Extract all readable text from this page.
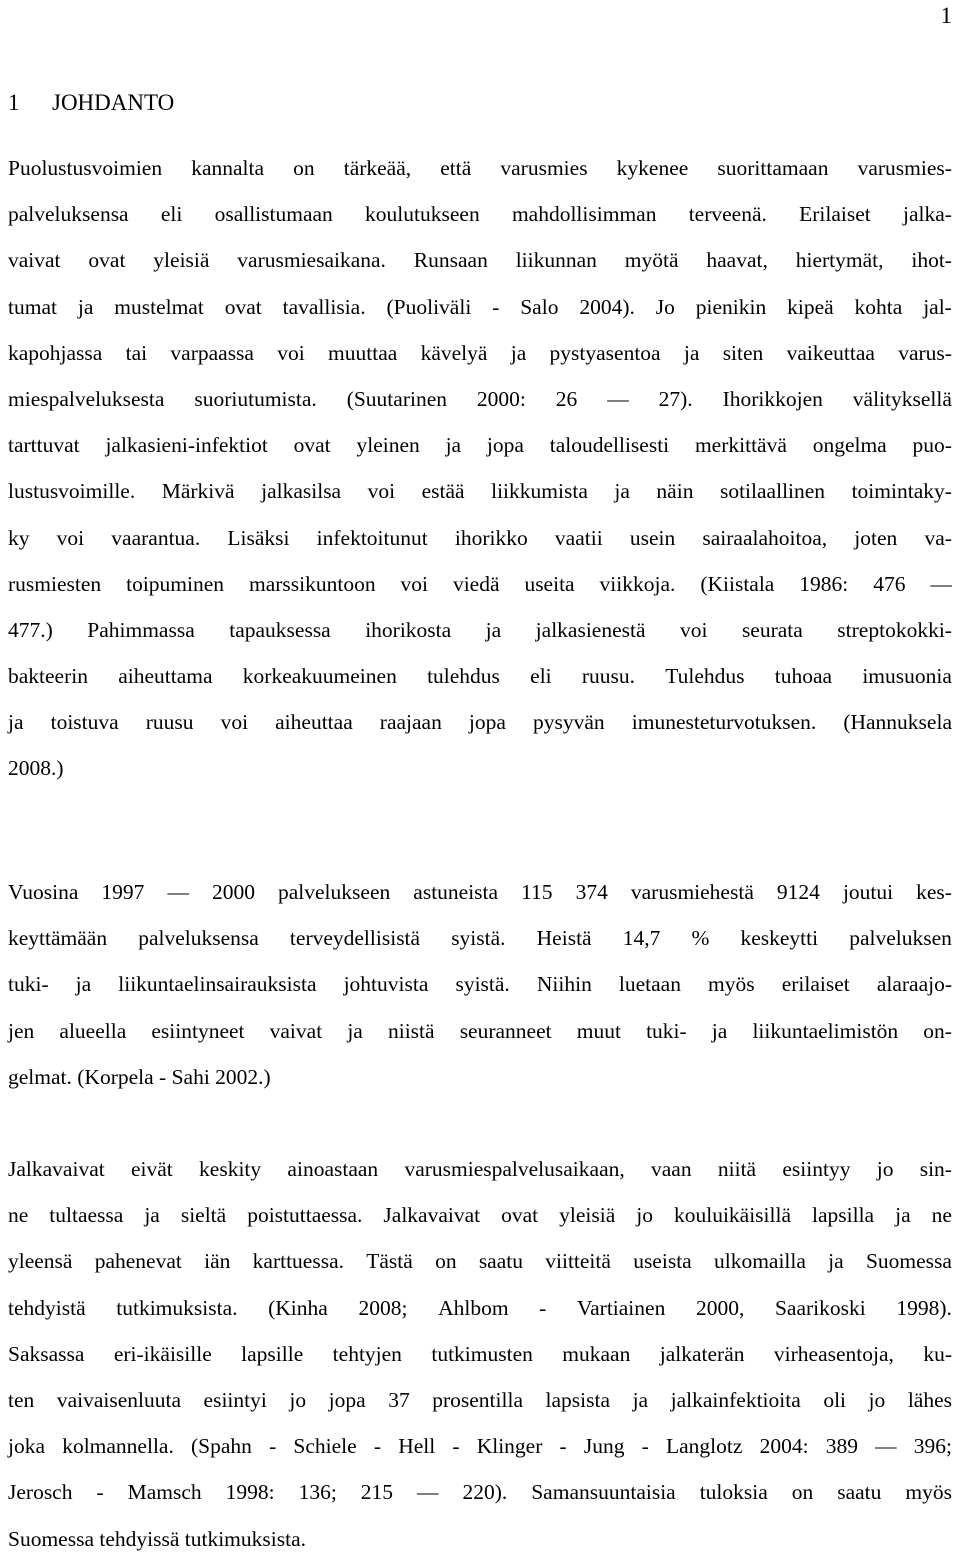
1
1 JOHDANTO
Puolustusvoimien kannalta on tärkeää, että varusmies kykenee suorittamaan varusmies-
palveluksensa eli osallistumaan koulutukseen mahdollisimman terveenä. Erilaiset jalka-
vaivat ovat yleisiä varusmiesaikana. Runsaan liikunnan myötä haavat, hiertymät, ihot-
tumat ja mustelmat ovat tavallisia. (Puoliväli - Salo 2004). Jo pienikin kipeä kohta jal-
kapohjassa tai varpaassa voi muuttaa kävelyä ja pystyasentoa ja siten vaikeuttaa varus-
miespalveluksesta suoriutumista. (Suutarinen 2000: 26 — 27). Ihorikkojen välityksellä
tarttuvat jalkasieni-infektiot ovat yleinen ja jopa taloudellisesti merkittävä ongelma puo-
lustusvoimille. Märkivä jalkasilsa voi estää liikkumista ja näin sotilaallinen toimintaky-
ky voi vaarantua. Lisäksi infektoitunut ihorikko vaatii usein sairaalahoitoa, joten va-
rusmiesten toipuminen marssikuntoon voi viedä useita viikkoja. (Kiistala 1986: 476 —
477.) Pahimmassa tapauksessa ihorikosta ja jalkasienestä voi seurata streptokokki-
bakteerin aiheuttama korkeakuumeinen tulehdus eli ruusu. Tulehdus tuhoaa imusuonia
ja toistuva ruusu voi aiheuttaa raajaan jopa pysyvän imunesteturvotuksen. (Hannuksela
2008.)
Vuosina 1997 — 2000 palvelukseen astuneista 115 374 varusmiehestä 9124 joutui kes-
keyttämään palveluksensa terveydellisistä syistä. Heistä 14,7 % keskeytti palveluksen
tuki- ja liikuntaelinsairauksista johtuvista syistä. Niihin luetaan myös erilaiset alaraajo-
jen alueella esiintyneet vaivat ja niistä seuranneet muut tuki- ja liikuntaelimistön on-
gelmat. (Korpela - Sahi 2002.)
Jalkavaivat eivät keskity ainoastaan varusmiespalvelusaikaan, vaan niitä esiintyy jo sin-
ne tultaessa ja sieltä poistuttaessa. Jalkavaivat ovat yleisiä jo kouluikäisillä lapsilla ja ne
yleensä pahenevat iän karttuessa. Tästä on saatu viitteitä useista ulkomailla ja Suomessa
tehdyistä tutkimuksista. (Kinha 2008; Ahlbom - Vartiainen 2000, Saarikoski 1998).
Saksassa eri-ikäisille lapsille tehtyjen tutkimusten mukaan jalkaterän virheasentoja, ku-
ten vaivaisenluuta esiintyi jo jopa 37 prosentilla lapsista ja jalkainfektioita oli jo lähes
joka kolmannella. (Spahn - Schiele - Hell - Klinger - Jung - Langlotz 2004: 389 — 396;
Jerosch - Mamsch 1998: 136; 215 — 220). Samansuuntaisia tuloksia on saatu myös
Suomessa tehdyissä tutkimuksista.
